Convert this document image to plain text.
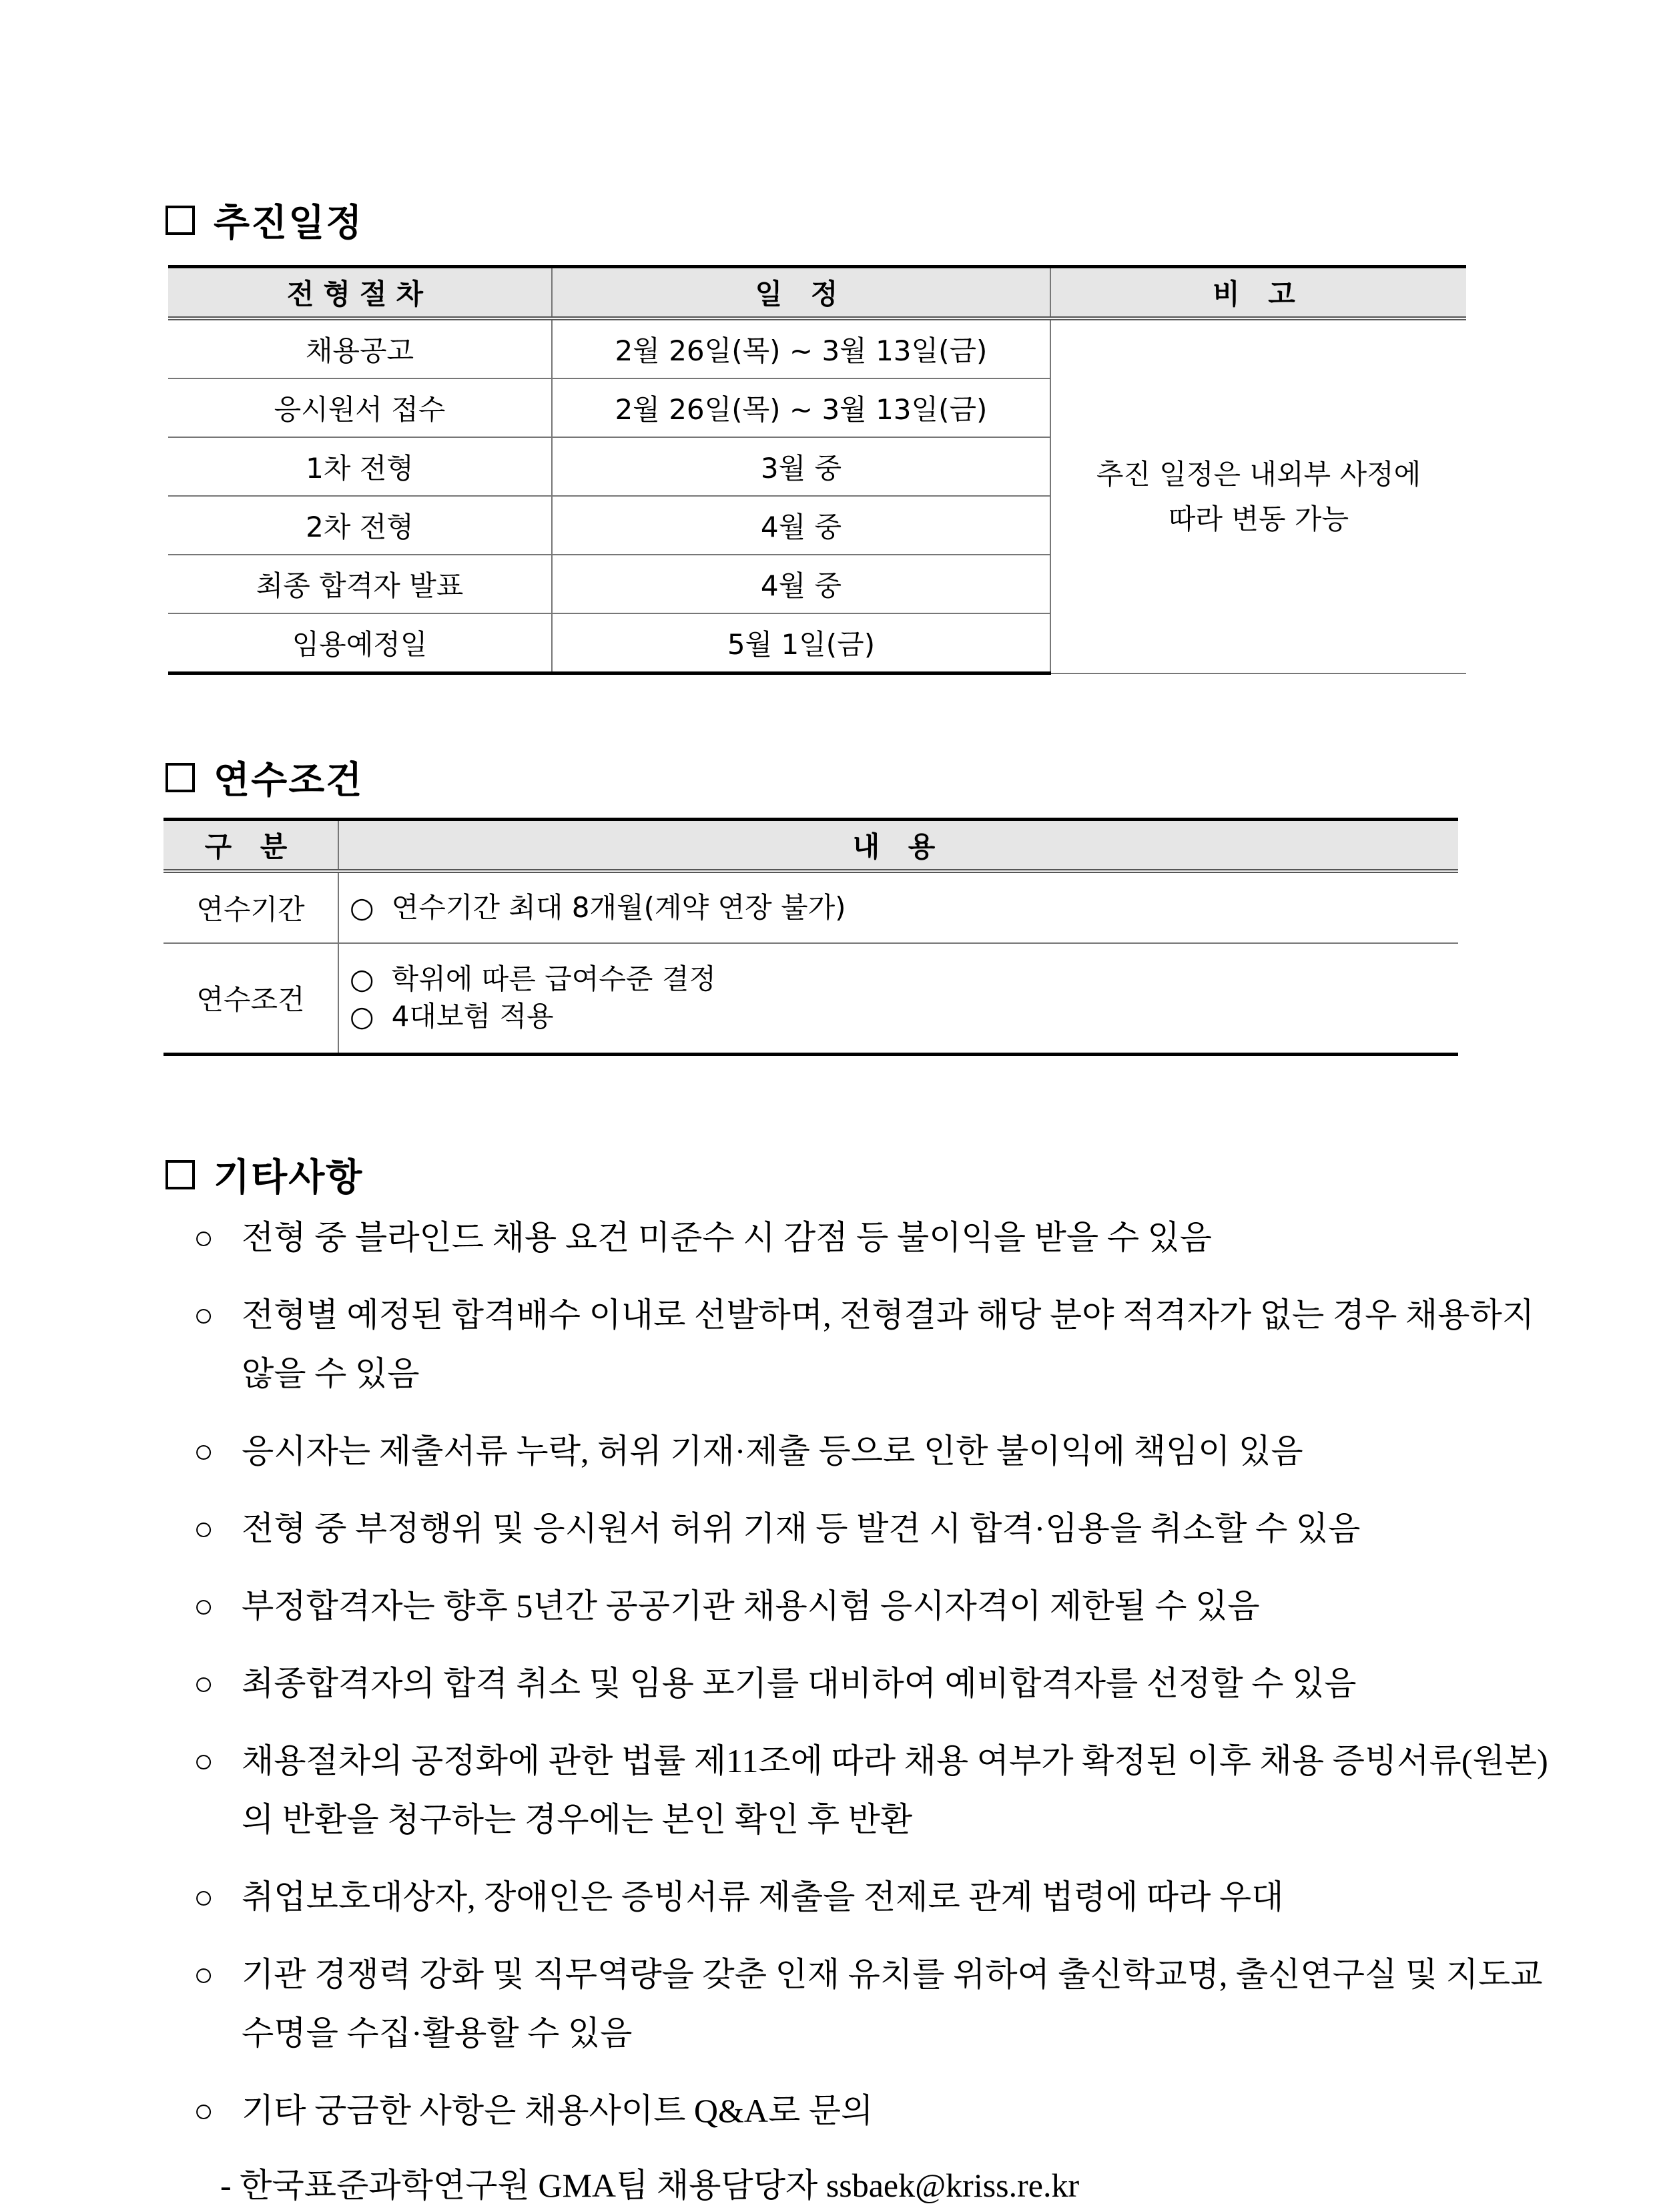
추진일정
전형절차	일 정	비 고
채용공고	2월 26일(목) ~ 3월 13일(금)	추진 일정은 내외부 사정에
따라 변동 가능

응시원서 접수	2월 26일(목) ~ 3월 13일(금)	
1차 전형	3월 중	
2차 전형	4월 중	
최종 합격자 발표	4월 중	
임용예정일	5월 1일(금)	
연수조건
구 분	내 용
연수기간	○ 연수기간 최대 8개월(계약 연장 불가)

연수조건	○ 학위에 따른 급여수준 결정
○ 4대보험 적용
기타사항
○ 전형 중 블라인드 채용 요건 미준수 시 감점 등 불이익을 받을 수 있음
○ 전형별 예정된 합격배수 이내로 선발하며, 전형결과 해당 분야 적격자가 없는 경우 채용하지 않을 수 있음
○ 응시자는 제출서류 누락, 허위 기재·제출 등으로 인한 불이익에 책임이 있음
○ 전형 중 부정행위 및 응시원서 허위 기재 등 발견 시 합격·임용을 취소할 수 있음
○ 부정합격자는 향후 5년간 공공기관 채용시험 응시자격이 제한될 수 있음
○ 최종합격자의 합격 취소 및 임용 포기를 대비하여 예비합격자를 선정할 수 있음
○ 채용절차의 공정화에 관한 법률 제11조에 따라 채용 여부가 확정된 이후 채용 증빙서류(원본)의 반환을 청구하는 경우에는 본인 확인 후 반환
○ 취업보호대상자, 장애인은 증빙서류 제출을 전제로 관계 법령에 따라 우대
○ 기관 경쟁력 강화 및 직무역량을 갖춘 인재 유치를 위하여 출신학교명, 출신연구실 및 지도교수명을 수집·활용할 수 있음
○ 기타 궁금한 사항은 채용사이트 Q&A로 문의
- 한국표준과학연구원 GMA팀 채용담당자 ssbaek@kriss.re.kr
